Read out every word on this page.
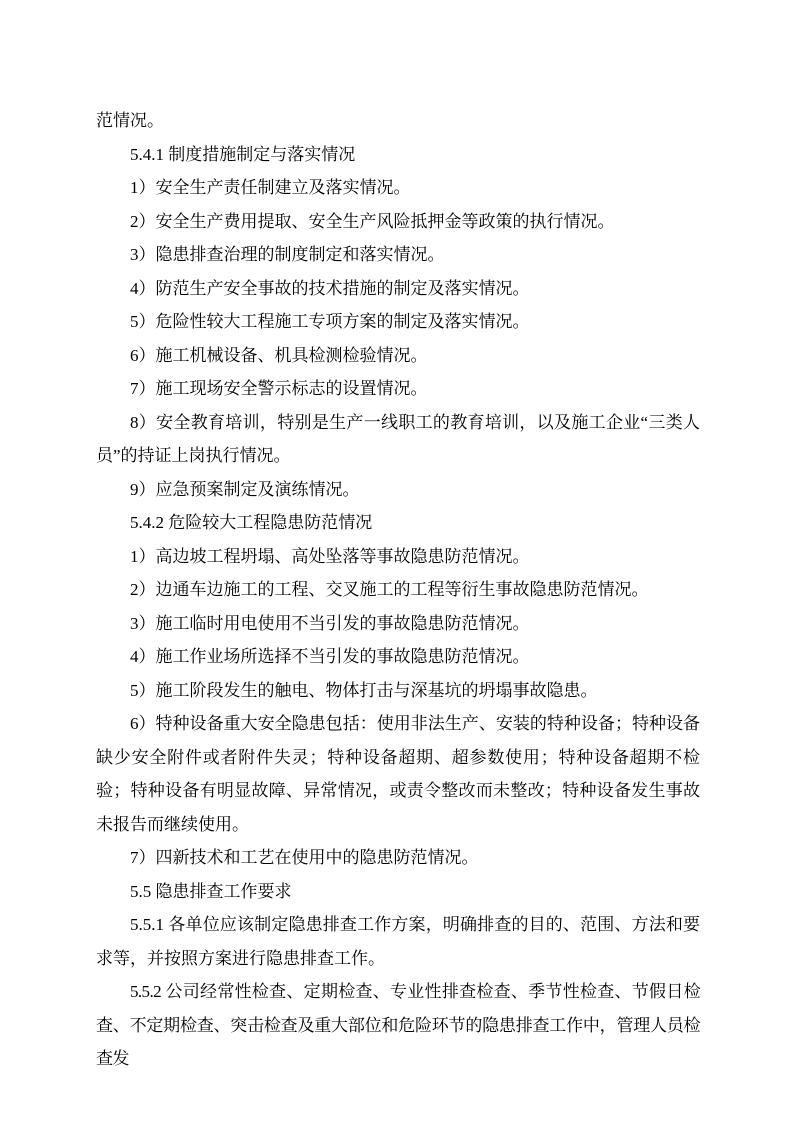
范情况。

5.4.1 制度措施制定与落实情况

1）安全生产责任制建立及落实情况。

2）安全生产费用提取、安全生产风险抵押金等政策的执行情况。

3）隐患排查治理的制度制定和落实情况。

4）防范生产安全事故的技术措施的制定及落实情况。

5）危险性较大工程施工专项方案的制定及落实情况。

6）施工机械设备、机具检测检验情况。

7）施工现场安全警示标志的设置情况。

8）安全教育培训，特别是生产一线职工的教育培训，以及施工企业“三类人员”的持证上岗执行情况。

9）应急预案制定及演练情况。

5.4.2 危险较大工程隐患防范情况

1）高边坡工程坍塌、高处坠落等事故隐患防范情况。

2）边通车边施工的工程、交叉施工的工程等衍生事故隐患防范情况。

3）施工临时用电使用不当引发的事故隐患防范情况。

4）施工作业场所选择不当引发的事故隐患防范情况。

5）施工阶段发生的触电、物体打击与深基坑的坍塌事故隐患。

6）特种设备重大安全隐患包括：使用非法生产、安装的特种设备；特种设备缺少安全附件或者附件失灵；特种设备超期、超参数使用；特种设备超期不检验；特种设备有明显故障、异常情况，或责令整改而未整改；特种设备发生事故未报告而继续使用。

7）四新技术和工艺在使用中的隐患防范情况。

5.5 隐患排查工作要求

5.5.1 各单位应该制定隐患排查工作方案，明确排查的目的、范围、方法和要求等，并按照方案进行隐患排查工作。

5.5.2 公司经常性检查、定期检查、专业性排查检查、季节性检查、节假日检查、不定期检查、突击检查及重大部位和危险环节的隐患排查工作中，管理人员检查发
